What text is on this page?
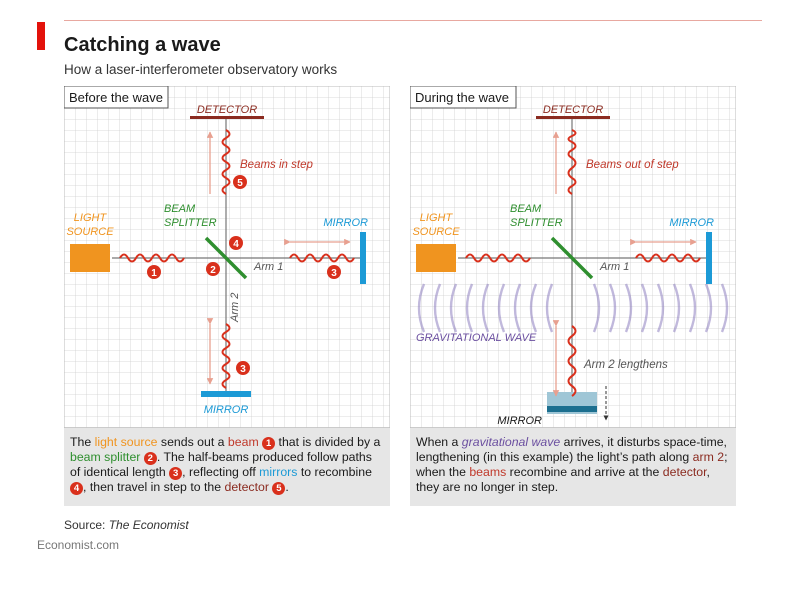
Catching a wave
How a laser-interferometer observatory works
Before the wave
DETECTOR
LIGHT
SOURCE
BEAM
SPLITTER	MIRROR
MIRROR
Arm 1
Arm 2
Beams in step
1	2	3
3
4
5

The light source sends out a beam 1 that is divided by a beam splitter 2 . The half-beams produced follow paths of identical length 3 , reflecting off mirrors to recombine 4 , then travel in step to the detector 5 .

During the wave
DETECTOR
LIGHT
SOURCE
BEAM
SPLITTER	MIRROR
MIRROR
Arm 1
Beams out of step
GRAVITATIONAL WAVE
Arm 2 lengthens

When a gravitational wave arrives, it disturbs space-time, lengthening (in this example) the light’s path along arm 2; when the beams recombine and arrive at the detector, they are no longer in step.

Source: The Economist
Economist.com
